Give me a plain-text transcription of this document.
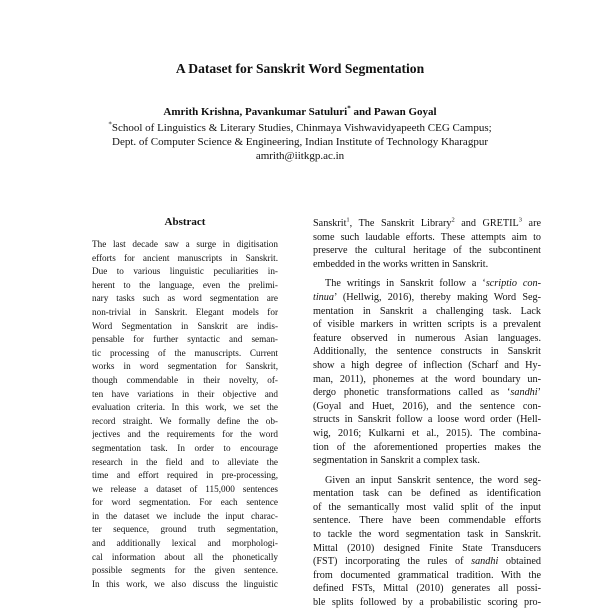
A Dataset for Sanskrit Word Segmentation
Amrith Krishna, Pavankumar Satuluri* and Pawan Goyal
*School of Linguistics & Literary Studies, Chinmaya Vishwavidyapeeth CEG Campus;
Dept. of Computer Science & Engineering, Indian Institute of Technology Kharagpur
amrith@iitkgp.ac.in
Abstract
The last decade saw a surge in digitisation
efforts for ancient manuscripts in Sanskrit.
Due to various linguistic peculiarities in-
herent to the language, even the prelimi-
nary tasks such as word segmentation are
non-trivial in Sanskrit. Elegant models for
Word Segmentation in Sanskrit are indis-
pensable for further syntactic and seman-
tic processing of the manuscripts. Current
works in word segmentation for Sanskrit,
though commendable in their novelty, of-
ten have variations in their objective and
evaluation criteria. In this work, we set the
record straight. We formally define the ob-
jectives and the requirements for the word
segmentation task. In order to encourage
research in the field and to alleviate the
time and effort required in pre-processing,
we release a dataset of 115,000 sentences
for word segmentation. For each sentence
in the dataset we include the input charac-
ter sequence, ground truth segmentation,
and additionally lexical and morphologi-
cal information about all the phonetically
possible segments for the given sentence.
In this work, we also discuss the linguistic
Sanskrit$^1$, The Sanskrit Library$^2$ and GRETIL$^3$ are
some such laudable efforts. These attempts aim to
preserve the cultural heritage of the subcontinent
embedded in the works written in Sanskrit.
The writings in Sanskrit follow a ‘scriptio con-
tinua’ (Hellwig, 2016), thereby making Word Seg-
mentation in Sanskrit a challenging task. Lack
of visible markers in written scripts is a prevalent
feature observed in numerous Asian languages.
Additionally, the sentence constructs in Sanskrit
show a high degree of inflection (Scharf and Hy-
man, 2011), phonemes at the word boundary un-
dergo phonetic transformations called as ‘sandhi’
(Goyal and Huet, 2016), and the sentence con-
structs in Sanskrit follow a loose word order (Hell-
wig, 2016; Kulkarni et al., 2015). The combina-
tion of the aforementioned properties makes the
segmentation in Sanskrit a complex task.
Given an input Sanskrit sentence, the word seg-
mentation task can be defined as identification
of the semantically most valid split of the input
sentence. There have been commendable efforts
to tackle the word segmentation task in Sanskrit.
Mittal (2010) designed Finite State Transducers
(FST) incorporating the rules of sandhi obtained
from documented grammatical tradition. With the
defined FSTs, Mittal (2010) generates all possi-
ble splits followed by a probabilistic scoring pro-
